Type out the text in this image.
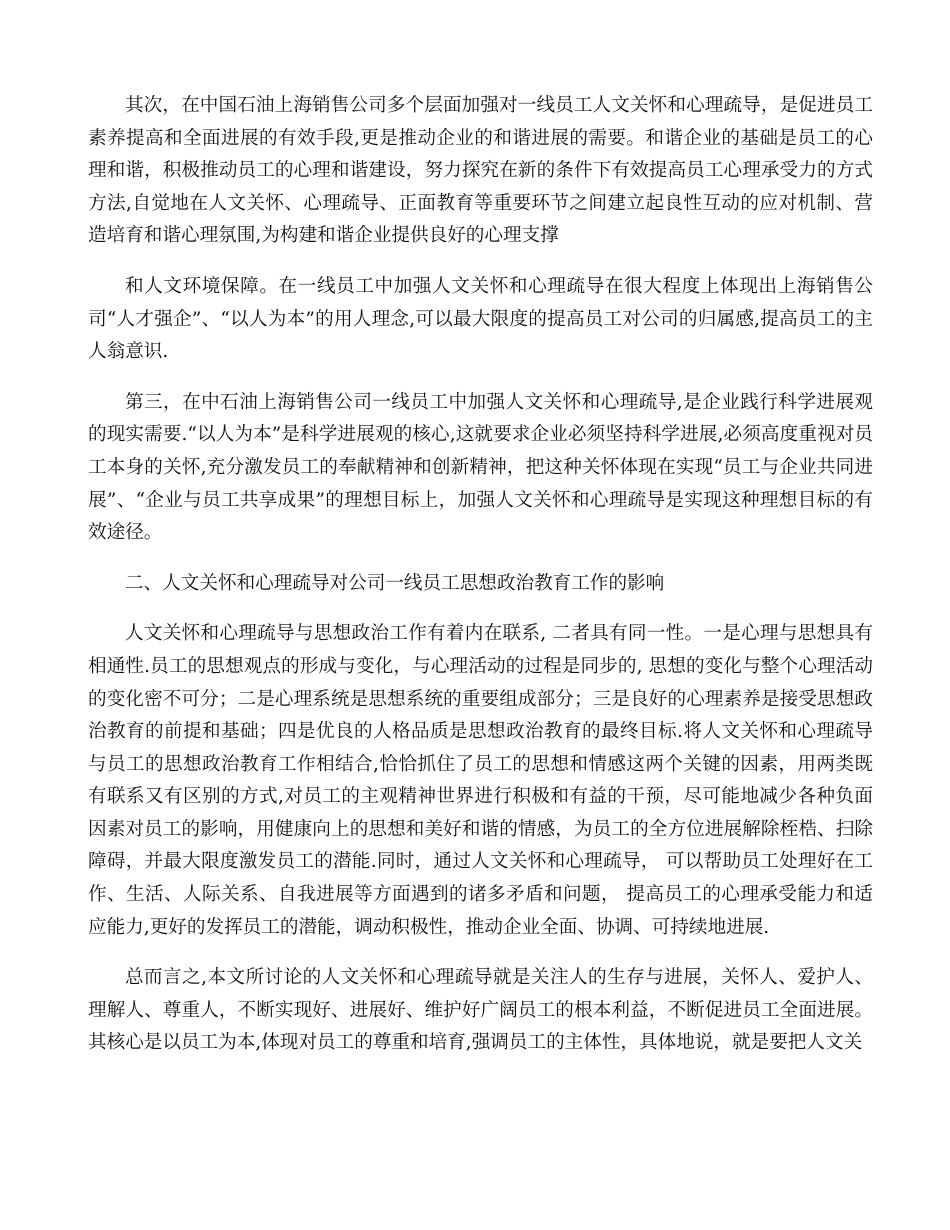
其次，在中国石油上海销售公司多个层面加强对一线员工人文关怀和心理疏导，是促进员工素养提高和全面进展的有效手段,更是推动企业的和谐进展的需要。和谐企业的基础是员工的心理和谐，积极推动员工的心理和谐建设，努力探究在新的条件下有效提高员工心理承受力的方式方法,自觉地在人文关怀、心理疏导、正面教育等重要环节之间建立起良性互动的应对机制、营造培育和谐心理氛围,为构建和谐企业提供良好的心理支撑

和人文环境保障。在一线员工中加强人文关怀和心理疏导在很大程度上体现出上海销售公司“人才强企”、“以人为本”的用人理念,可以最大限度的提高员工对公司的归属感,提高员工的主人翁意识.

第三，在中石油上海销售公司一线员工中加强人文关怀和心理疏导,是企业践行科学进展观的现实需要.“以人为本”是科学进展观的核心,这就要求企业必须坚持科学进展,必须高度重视对员工本身的关怀,充分激发员工的奉献精神和创新精神，把这种关怀体现在实现“员工与企业共同进展”、“企业与员工共享成果”的理想目标上，加强人文关怀和心理疏导是实现这种理想目标的有效途径。

二、人文关怀和心理疏导对公司一线员工思想政治教育工作的影响

人文关怀和心理疏导与思想政治工作有着内在联系, 二者具有同一性。一是心理与思想具有相通性.员工的思想观点的形成与变化，与心理活动的过程是同步的, 思想的变化与整个心理活动的变化密不可分；二是心理系统是思想系统的重要组成部分；三是良好的心理素养是接受思想政治教育的前提和基础；四是优良的人格品质是思想政治教育的最终目标.将人文关怀和心理疏导与员工的思想政治教育工作相结合,恰恰抓住了员工的思想和情感这两个关键的因素，用两类既有联系又有区别的方式,对员工的主观精神世界进行积极和有益的干预，尽可能地减少各种负面因素对员工的影响，用健康向上的思想和美好和谐的情感，为员工的全方位进展解除桎梏、扫除障碍，并最大限度激发员工的潜能.同时，通过人文关怀和心理疏导， 可以帮助员工处理好在工作、生活、人际关系、自我进展等方面遇到的诸多矛盾和问题， 提高员工的心理承受能力和适应能力,更好的发挥员工的潜能，调动积极性，推动企业全面、协调、可持续地进展.

总而言之,本文所讨论的人文关怀和心理疏导就是关注人的生存与进展，关怀人、爱护人、理解人、尊重人，不断实现好、进展好、维护好广阔员工的根本利益，不断促进员工全面进展。其核心是以员工为本,体现对员工的尊重和培育,强调员工的主体性，具体地说，就是要把人文关
